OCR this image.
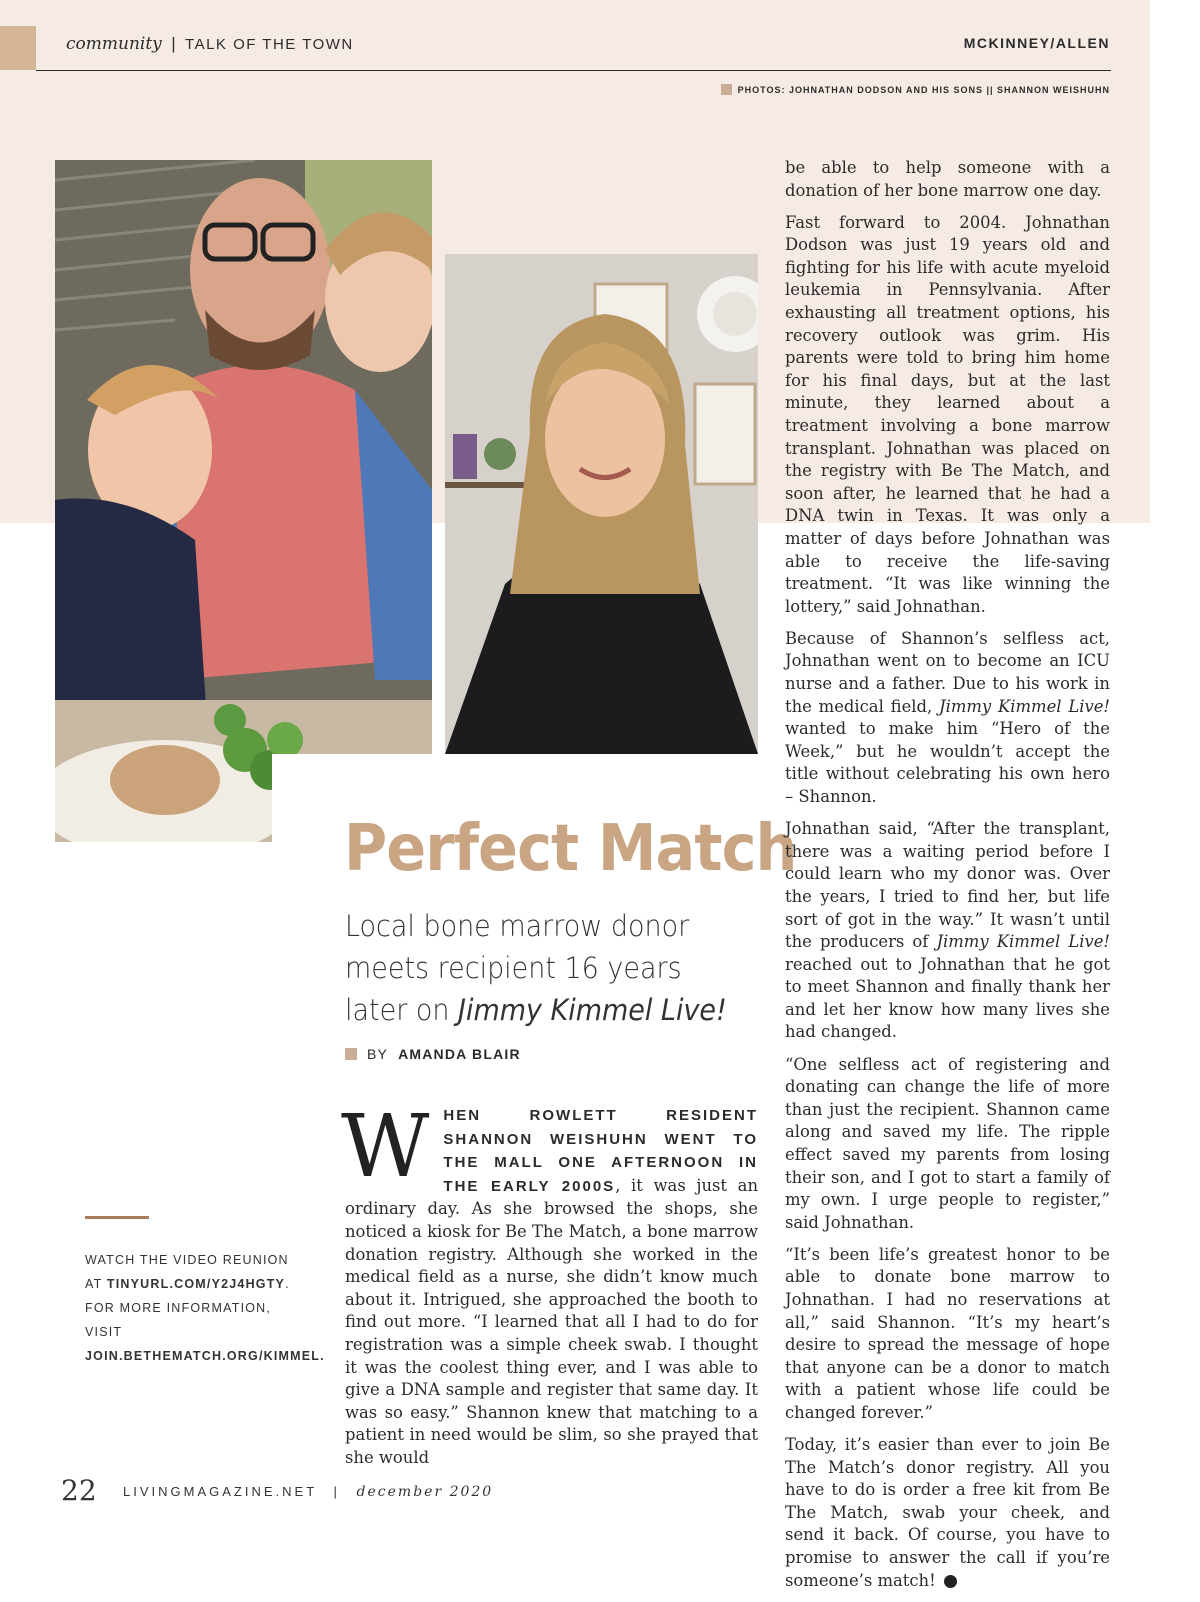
community | TALK OF THE TOWN	MCKINNEY/ALLEN
PHOTOS: JOHNATHAN DODSON AND HIS SONS || SHANNON WEISHUHN
Perfect Match
Local bone marrow donor meets recipient 16 years later on Jimmy Kimmel Live!
BY AMANDA BLAIR

WHEN ROWLETT RESIDENT SHANNON WEISHUHN WENT TO THE MALL ONE AFTERNOON IN THE EARLY 2000S, it was just an ordinary day. As she browsed the shops, she noticed a kiosk for Be The Match, a bone marrow donation registry. Although she worked in the medical field as a nurse, she didn’t know much about it. Intrigued, she approached the booth to find out more. “I learned that all I had to do for registration was a simple cheek swab. I thought it was the coolest thing ever, and I was able to give a DNA sample and register that same day. It was so easy.” Shannon knew that matching to a patient in need would be slim, so she prayed that she would

be able to help someone with a donation of her bone marrow one day.

Fast forward to 2004. Johnathan Dodson was just 19 years old and fighting for his life with acute myeloid leukemia in Pennsylvania. After exhausting all treatment options, his recovery outlook was grim. His parents were told to bring him home for his final days, but at the last minute, they learned about a treatment involving a bone marrow transplant. Johnathan was placed on the registry with Be The Match, and soon after, he learned that he had a DNA twin in Texas. It was only a matter of days before Johnathan was able to receive the life-saving treatment. “It was like winning the lottery,” said Johnathan.

Because of Shannon’s selfless act, Johnathan went on to become an ICU nurse and a father. Due to his work in the medical field, Jimmy Kimmel Live! wanted to make him “Hero of the Week,” but he wouldn’t accept the title without celebrating his own hero – Shannon.

Johnathan said, “After the transplant, there was a waiting period before I could learn who my donor was. Over the years, I tried to find her, but life sort of got in the way.” It wasn’t until the producers of Jimmy Kimmel Live! reached out to Johnathan that he got to meet Shannon and finally thank her and let her know how many lives she had changed.

“One selfless act of registering and donating can change the life of more than just the recipient. Shannon came along and saved my life. The ripple effect saved my parents from losing their son, and I got to start a family of my own. I urge people to register,” said Johnathan.

“It’s been life’s greatest honor to be able to donate bone marrow to Johnathan. I had no reservations at all,” said Shannon. “It’s my heart’s desire to spread the message of hope that anyone can be a donor to match with a patient whose life could be changed forever.”

Today, it’s easier than ever to join Be The Match’s donor registry. All you have to do is order a free kit from Be The Match, swab your cheek, and send it back. Of course, you have to promise to answer the call if you’re someone’s match!

WATCH THE VIDEO REUNION AT TINYURL.COM/Y2J4HGTY. FOR MORE INFORMATION, VISIT JOIN.BETHEMATCH.ORG/KIMMEL.
22 LIVINGMAGAZINE.NET | december 2020
